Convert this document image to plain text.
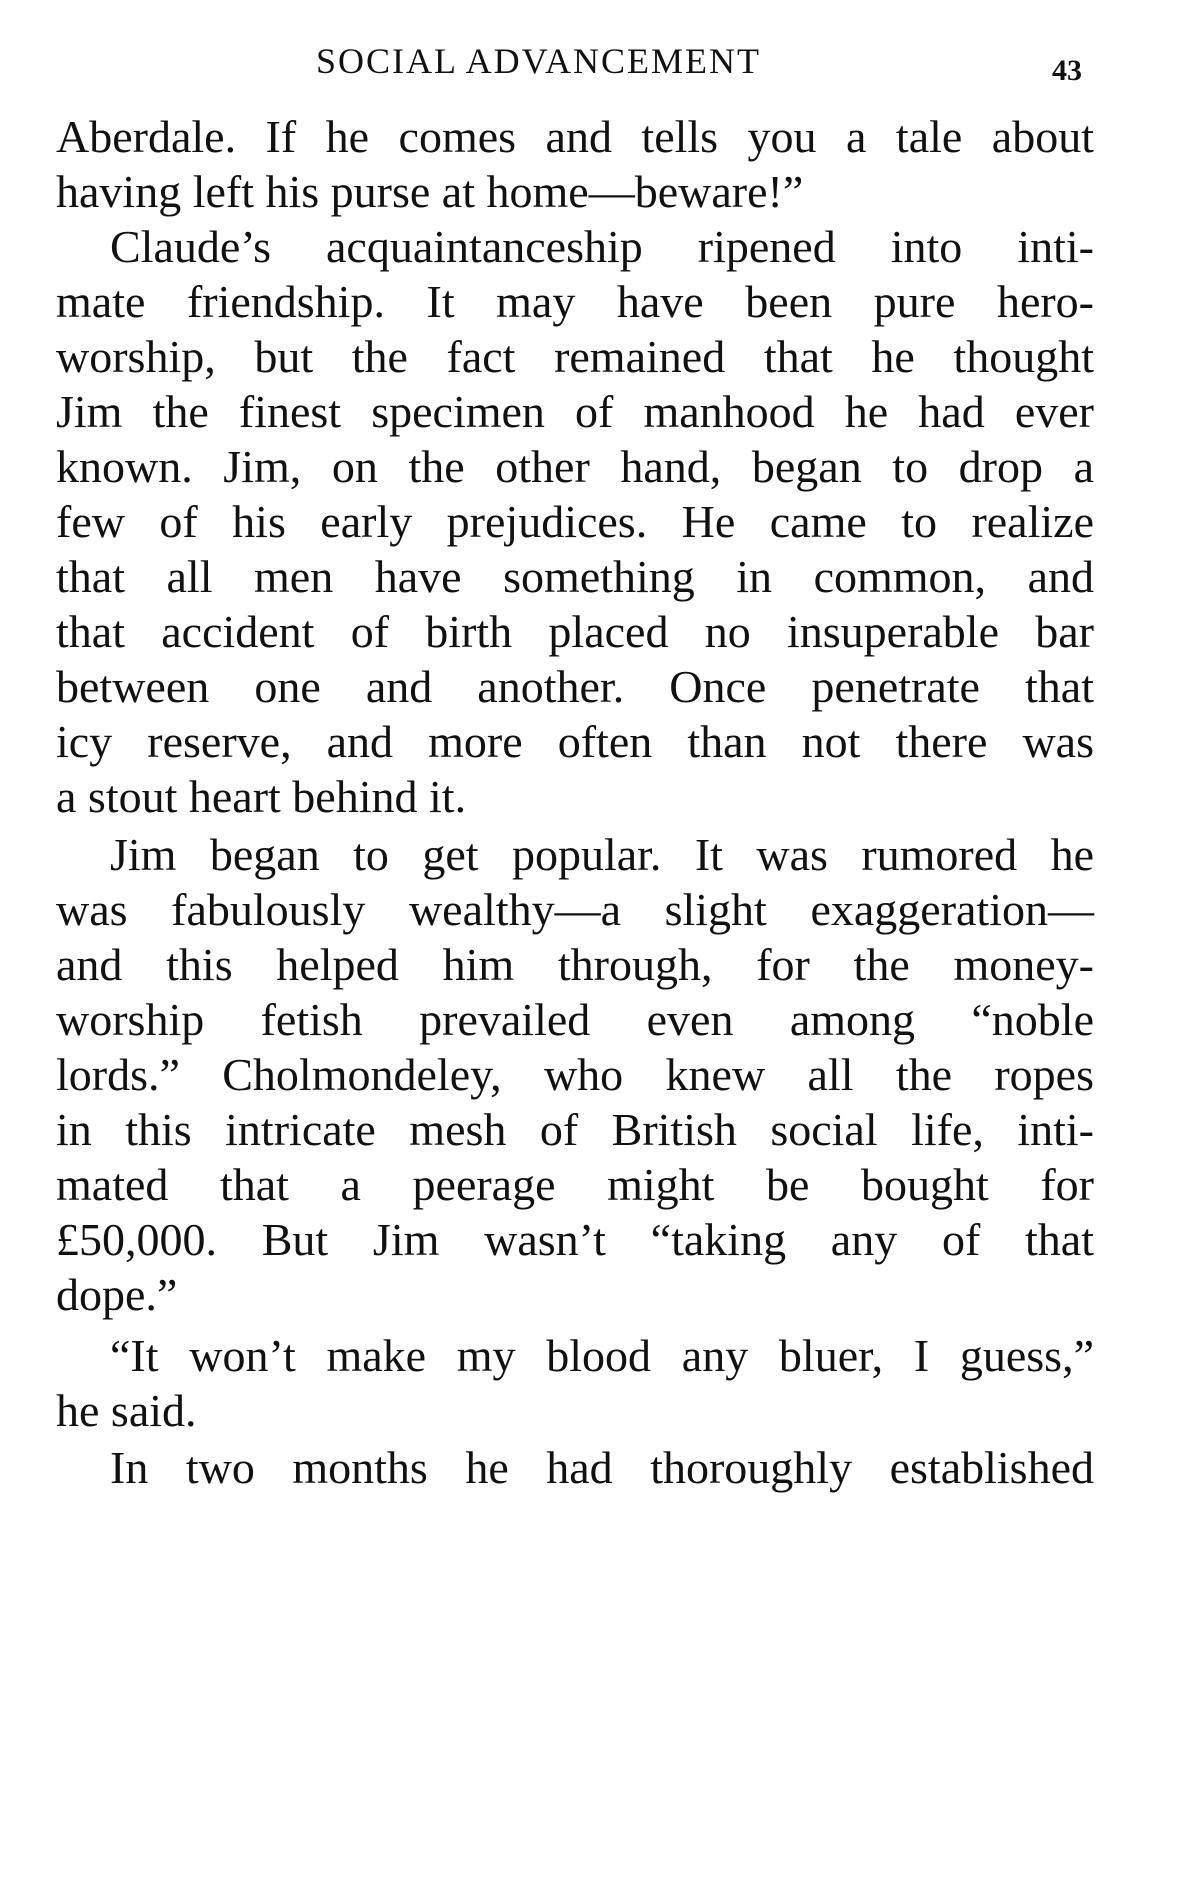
SOCIAL ADVANCEMENT	43
Aberdale. If he comes and tells you a tale about
having left his purse at home—beware!”
Claude’s acquaintanceship ripened into inti-
mate friendship. It may have been pure hero-
worship, but the fact remained that he thought
Jim the finest specimen of manhood he had ever
known. Jim, on the other hand, began to drop a
few of his early prejudices. He came to realize
that all men have something in common, and
that accident of birth placed no insuperable bar
between one and another. Once penetrate that
icy reserve, and more often than not there was
a stout heart behind it.
Jim began to get popular. It was rumored he
was fabulously wealthy—a slight exaggeration—
and this helped him through, for the money-
worship fetish prevailed even among “noble
lords.” Cholmondeley, who knew all the ropes
in this intricate mesh of British social life, inti-
mated that a peerage might be bought for
£50,000. But Jim wasn’t “taking any of that
dope.”
“It won’t make my blood any bluer, I guess,”
he said.
In two months he had thoroughly established
